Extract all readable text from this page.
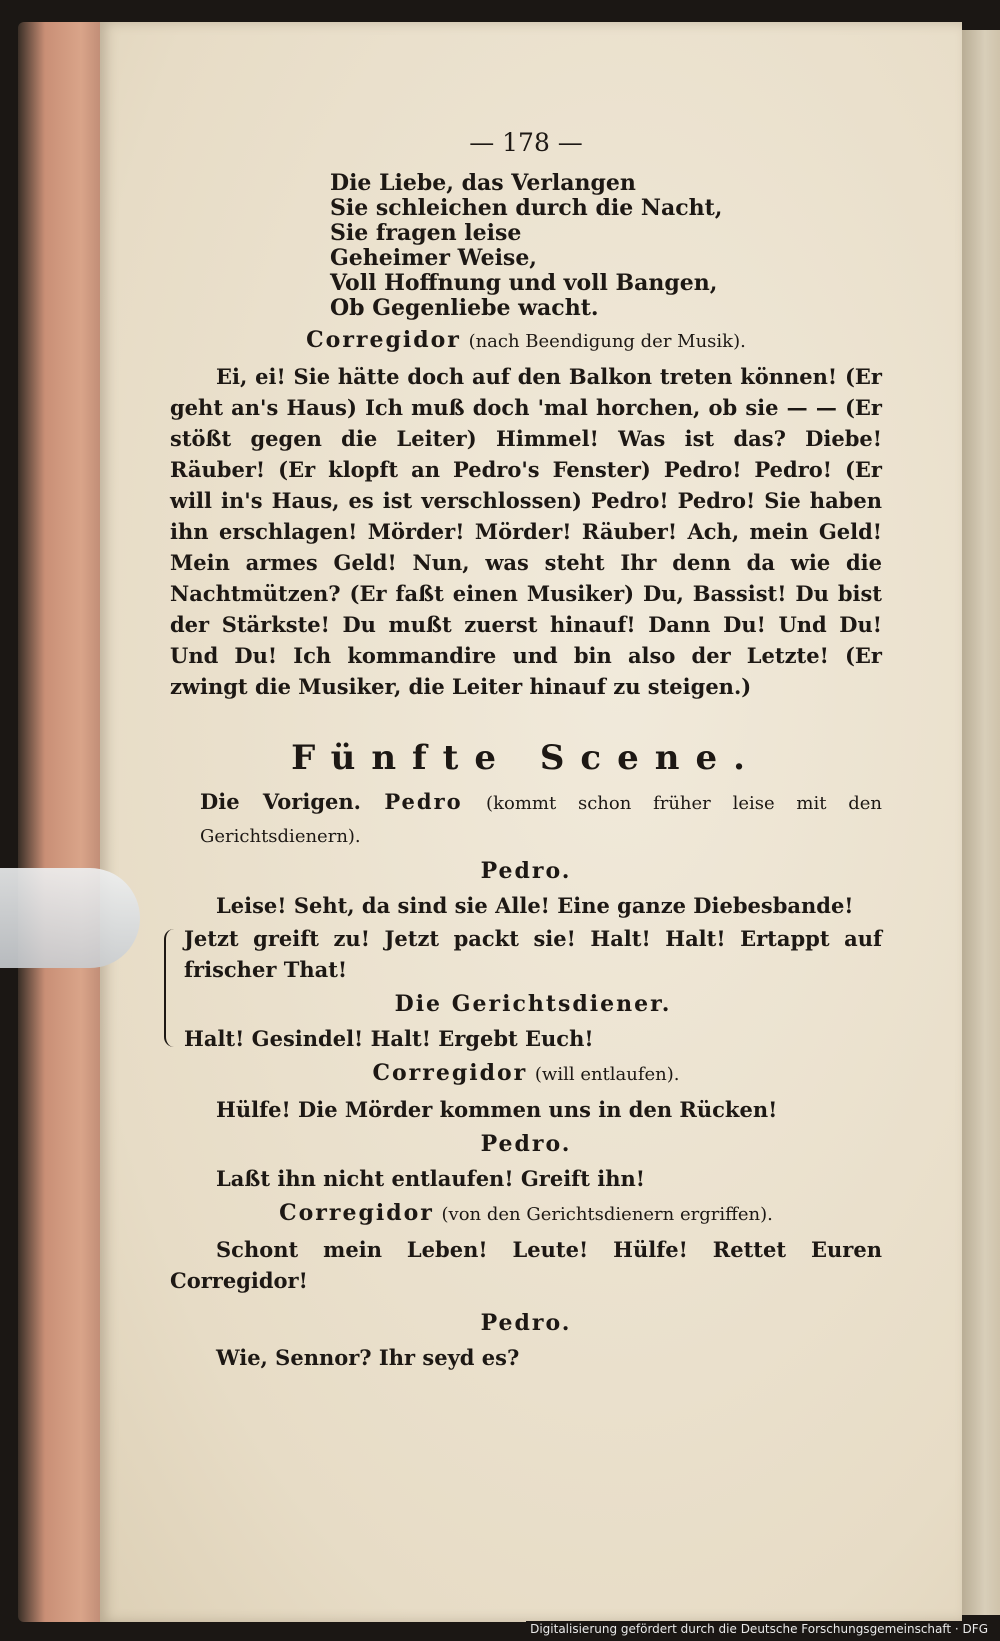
— 178 —
Die Liebe, das Verlangen
Sie schleichen durch die Nacht,
Sie fragen leise
Geheimer Weise,
Voll Hoffnung und voll Bangen,
Ob Gegenliebe wacht.
Corregidor (nach Beendigung der Musik).

Ei, ei! Sie hätte doch auf den Balkon treten können! (Er geht an's Haus) Ich muß doch 'mal horchen, ob sie — — (Er stößt gegen die Leiter) Himmel! Was ist das? Diebe! Räuber! (Er klopft an Pedro's Fenster) Pedro! Pedro! (Er will in's Haus, es ist verschlossen) Pedro! Pedro! Sie haben ihn erschlagen! Mörder! Mörder! Räuber! Ach, mein Geld! Mein armes Geld! Nun, was steht Ihr denn da wie die Nachtmützen? (Er faßt einen Musiker) Du, Bassist! Du bist der Stärkste! Du mußt zuerst hinauf! Dann Du! Und Du! Und Du! Ich kommandire und bin also der Letzte! (Er zwingt die Musiker, die Leiter hinauf zu steigen.)

Fünfte Scene.

Die Vorigen. Pedro (kommt schon früher leise mit den Gerichtsdienern).

Pedro.

Leise! Seht, da sind sie Alle! Eine ganze Diebesbande!

Jetzt greift zu! Jetzt packt sie! Halt! Halt! Ertappt auf frischer That!

Die Gerichtsdiener.

Halt! Gesindel! Halt! Ergebt Euch!

Corregidor (will entlaufen).

Hülfe! Die Mörder kommen uns in den Rücken!

Pedro.

Laßt ihn nicht entlaufen! Greift ihn!

Corregidor (von den Gerichtsdienern ergriffen).

Schont mein Leben! Leute! Hülfe! Rettet Euren Corregidor!

Pedro.

Wie, Sennor? Ihr seyd es?

Digitalisierung gefördert durch die Deutsche Forschungsgemeinschaft · DFG
